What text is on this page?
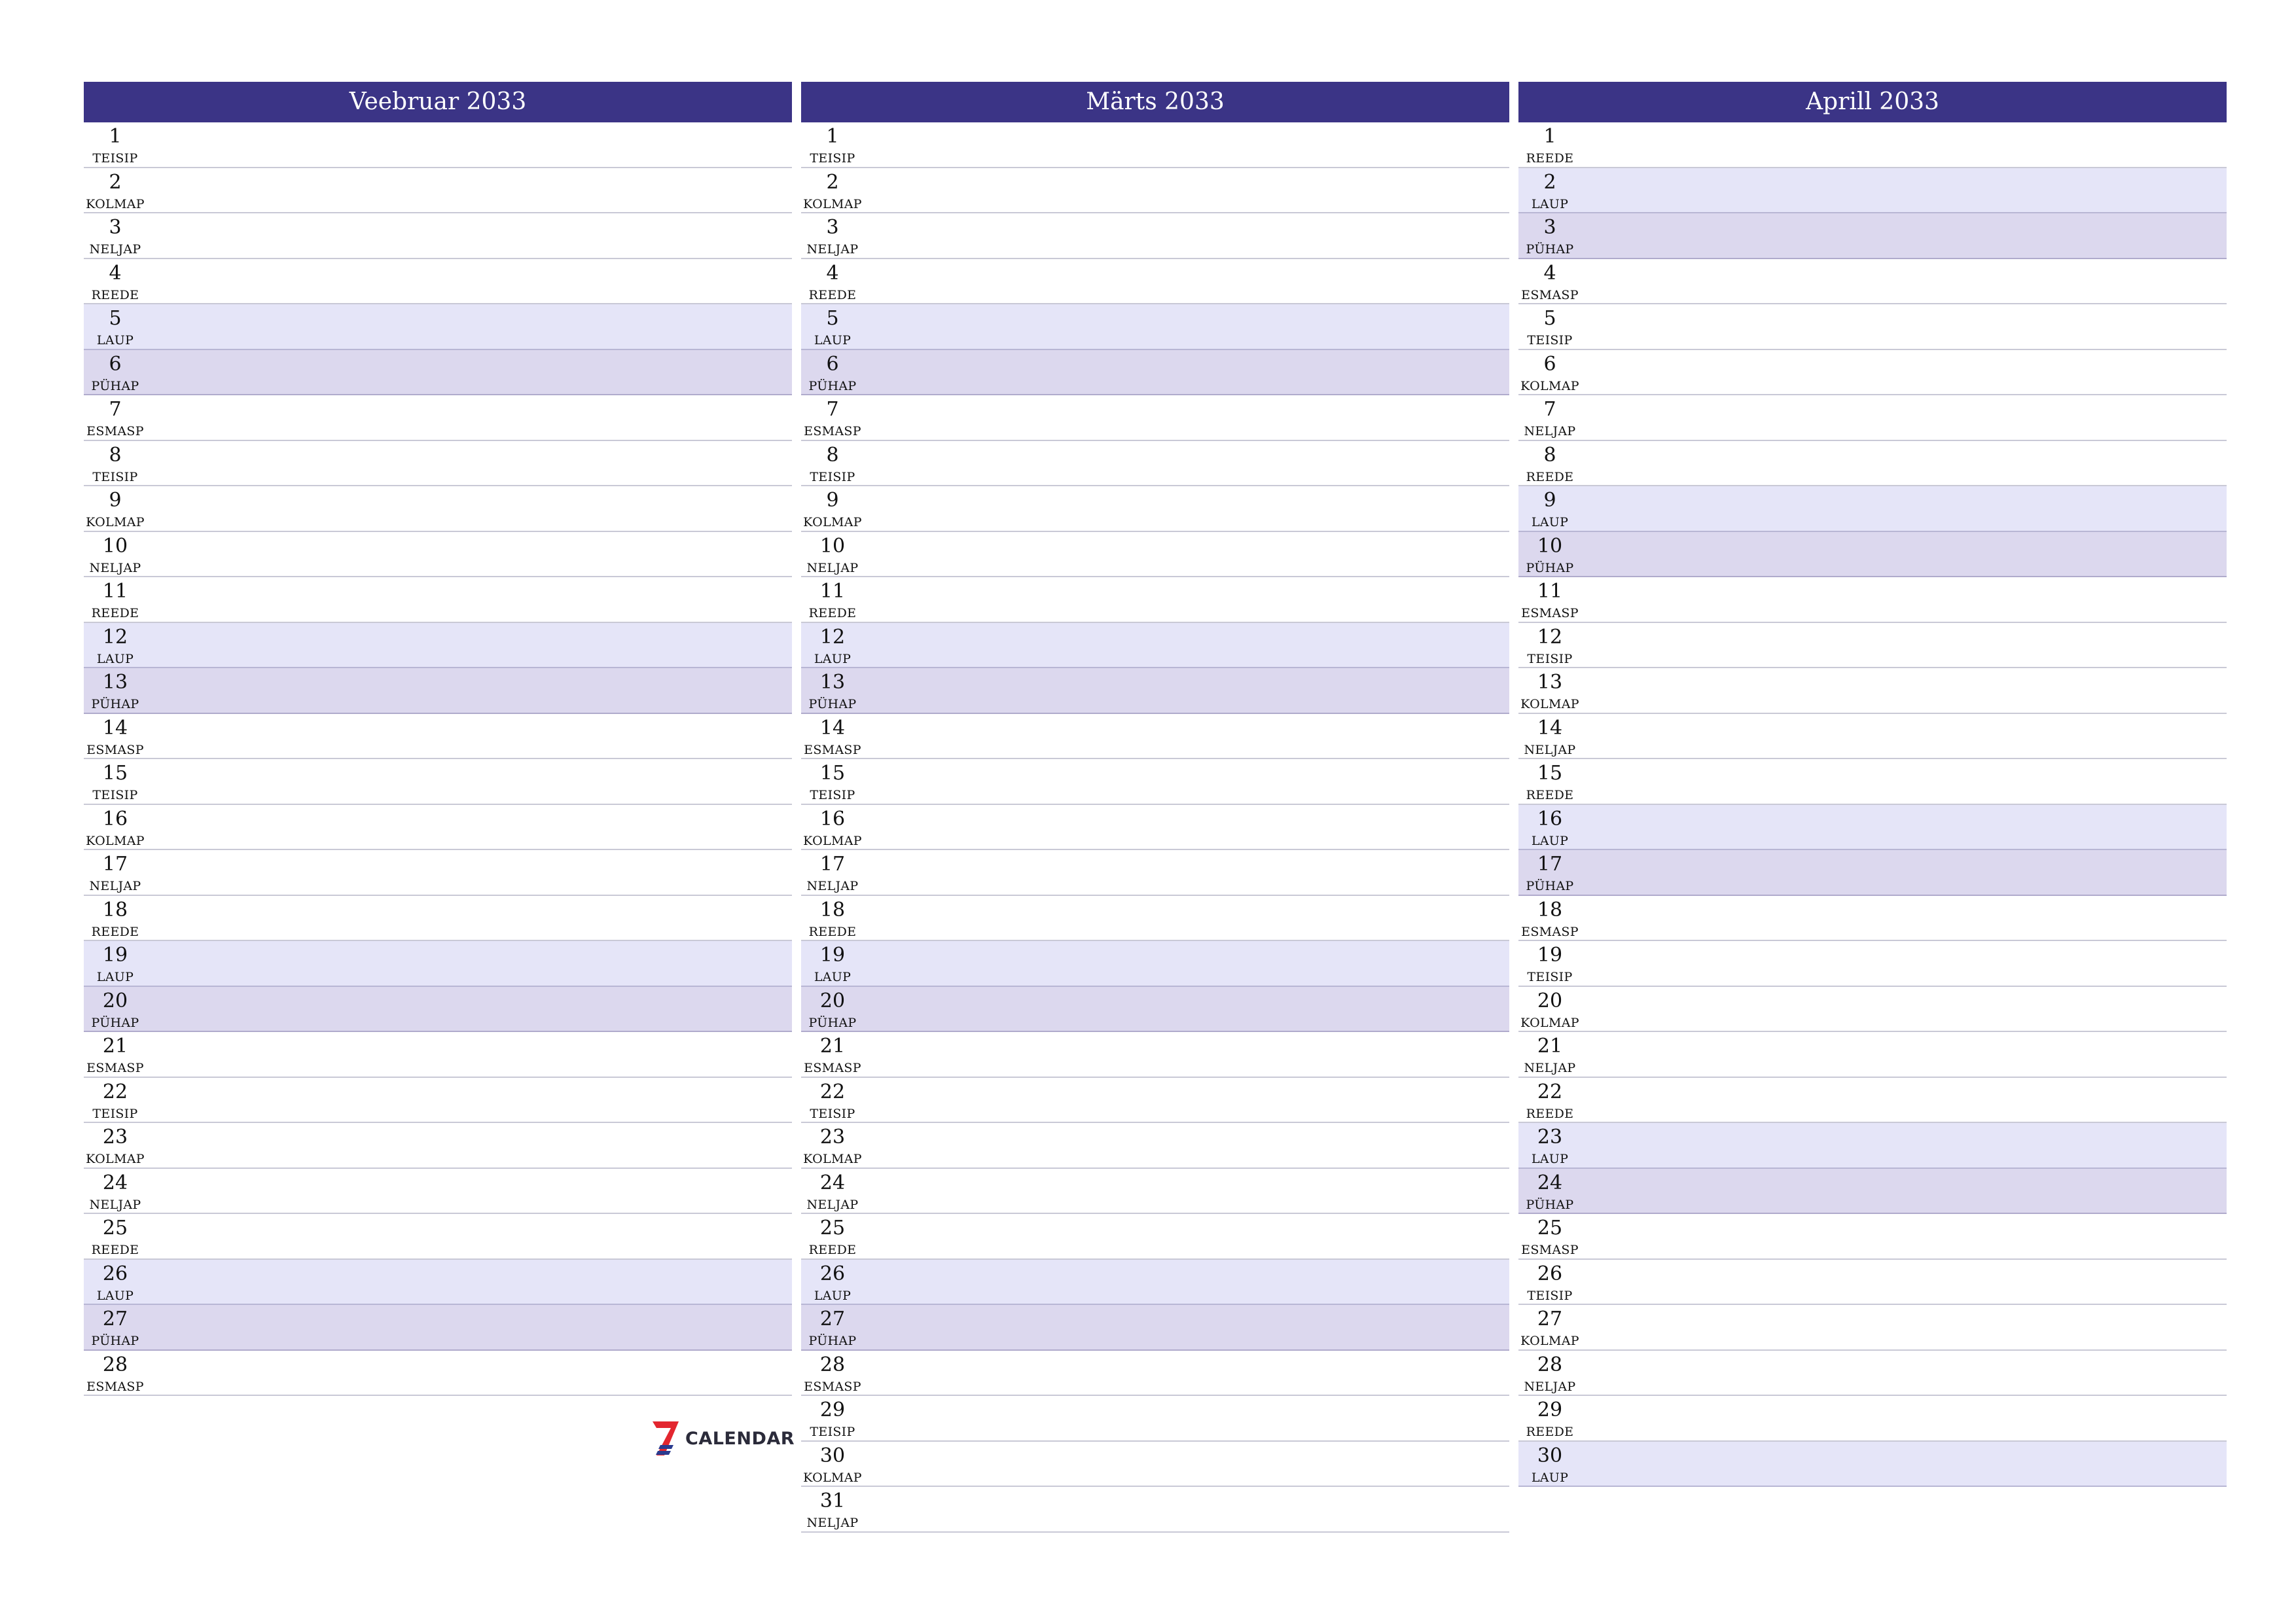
Veebruar 2033
1
TEISIP
2
KOLMAP
3
NELJAP
4
REEDE
5
LAUP
6
PÜHAP
7
ESMASP
8
TEISIP
9
KOLMAP
10
NELJAP
11
REEDE
12
LAUP
13
PÜHAP
14
ESMASP
15
TEISIP
16
KOLMAP
17
NELJAP
18
REEDE
19
LAUP
20
PÜHAP
21
ESMASP
22
TEISIP
23
KOLMAP
24
NELJAP
25
REEDE
26
LAUP
27
PÜHAP
28
ESMASP
Märts 2033
1
TEISIP
2
KOLMAP
3
NELJAP
4
REEDE
5
LAUP
6
PÜHAP
7
ESMASP
8
TEISIP
9
KOLMAP
10
NELJAP
11
REEDE
12
LAUP
13
PÜHAP
14
ESMASP
15
TEISIP
16
KOLMAP
17
NELJAP
18
REEDE
19
LAUP
20
PÜHAP
21
ESMASP
22
TEISIP
23
KOLMAP
24
NELJAP
25
REEDE
26
LAUP
27
PÜHAP
28
ESMASP
29
TEISIP
30
KOLMAP
31
NELJAP
Aprill 2033
1
REEDE
2
LAUP
3
PÜHAP
4
ESMASP
5
TEISIP
6
KOLMAP
7
NELJAP
8
REEDE
9
LAUP
10
PÜHAP
11
ESMASP
12
TEISIP
13
KOLMAP
14
NELJAP
15
REEDE
16
LAUP
17
PÜHAP
18
ESMASP
19
TEISIP
20
KOLMAP
21
NELJAP
22
REEDE
23
LAUP
24
PÜHAP
25
ESMASP
26
TEISIP
27
KOLMAP
28
NELJAP
29
REEDE
30
LAUP
CALENDAR
